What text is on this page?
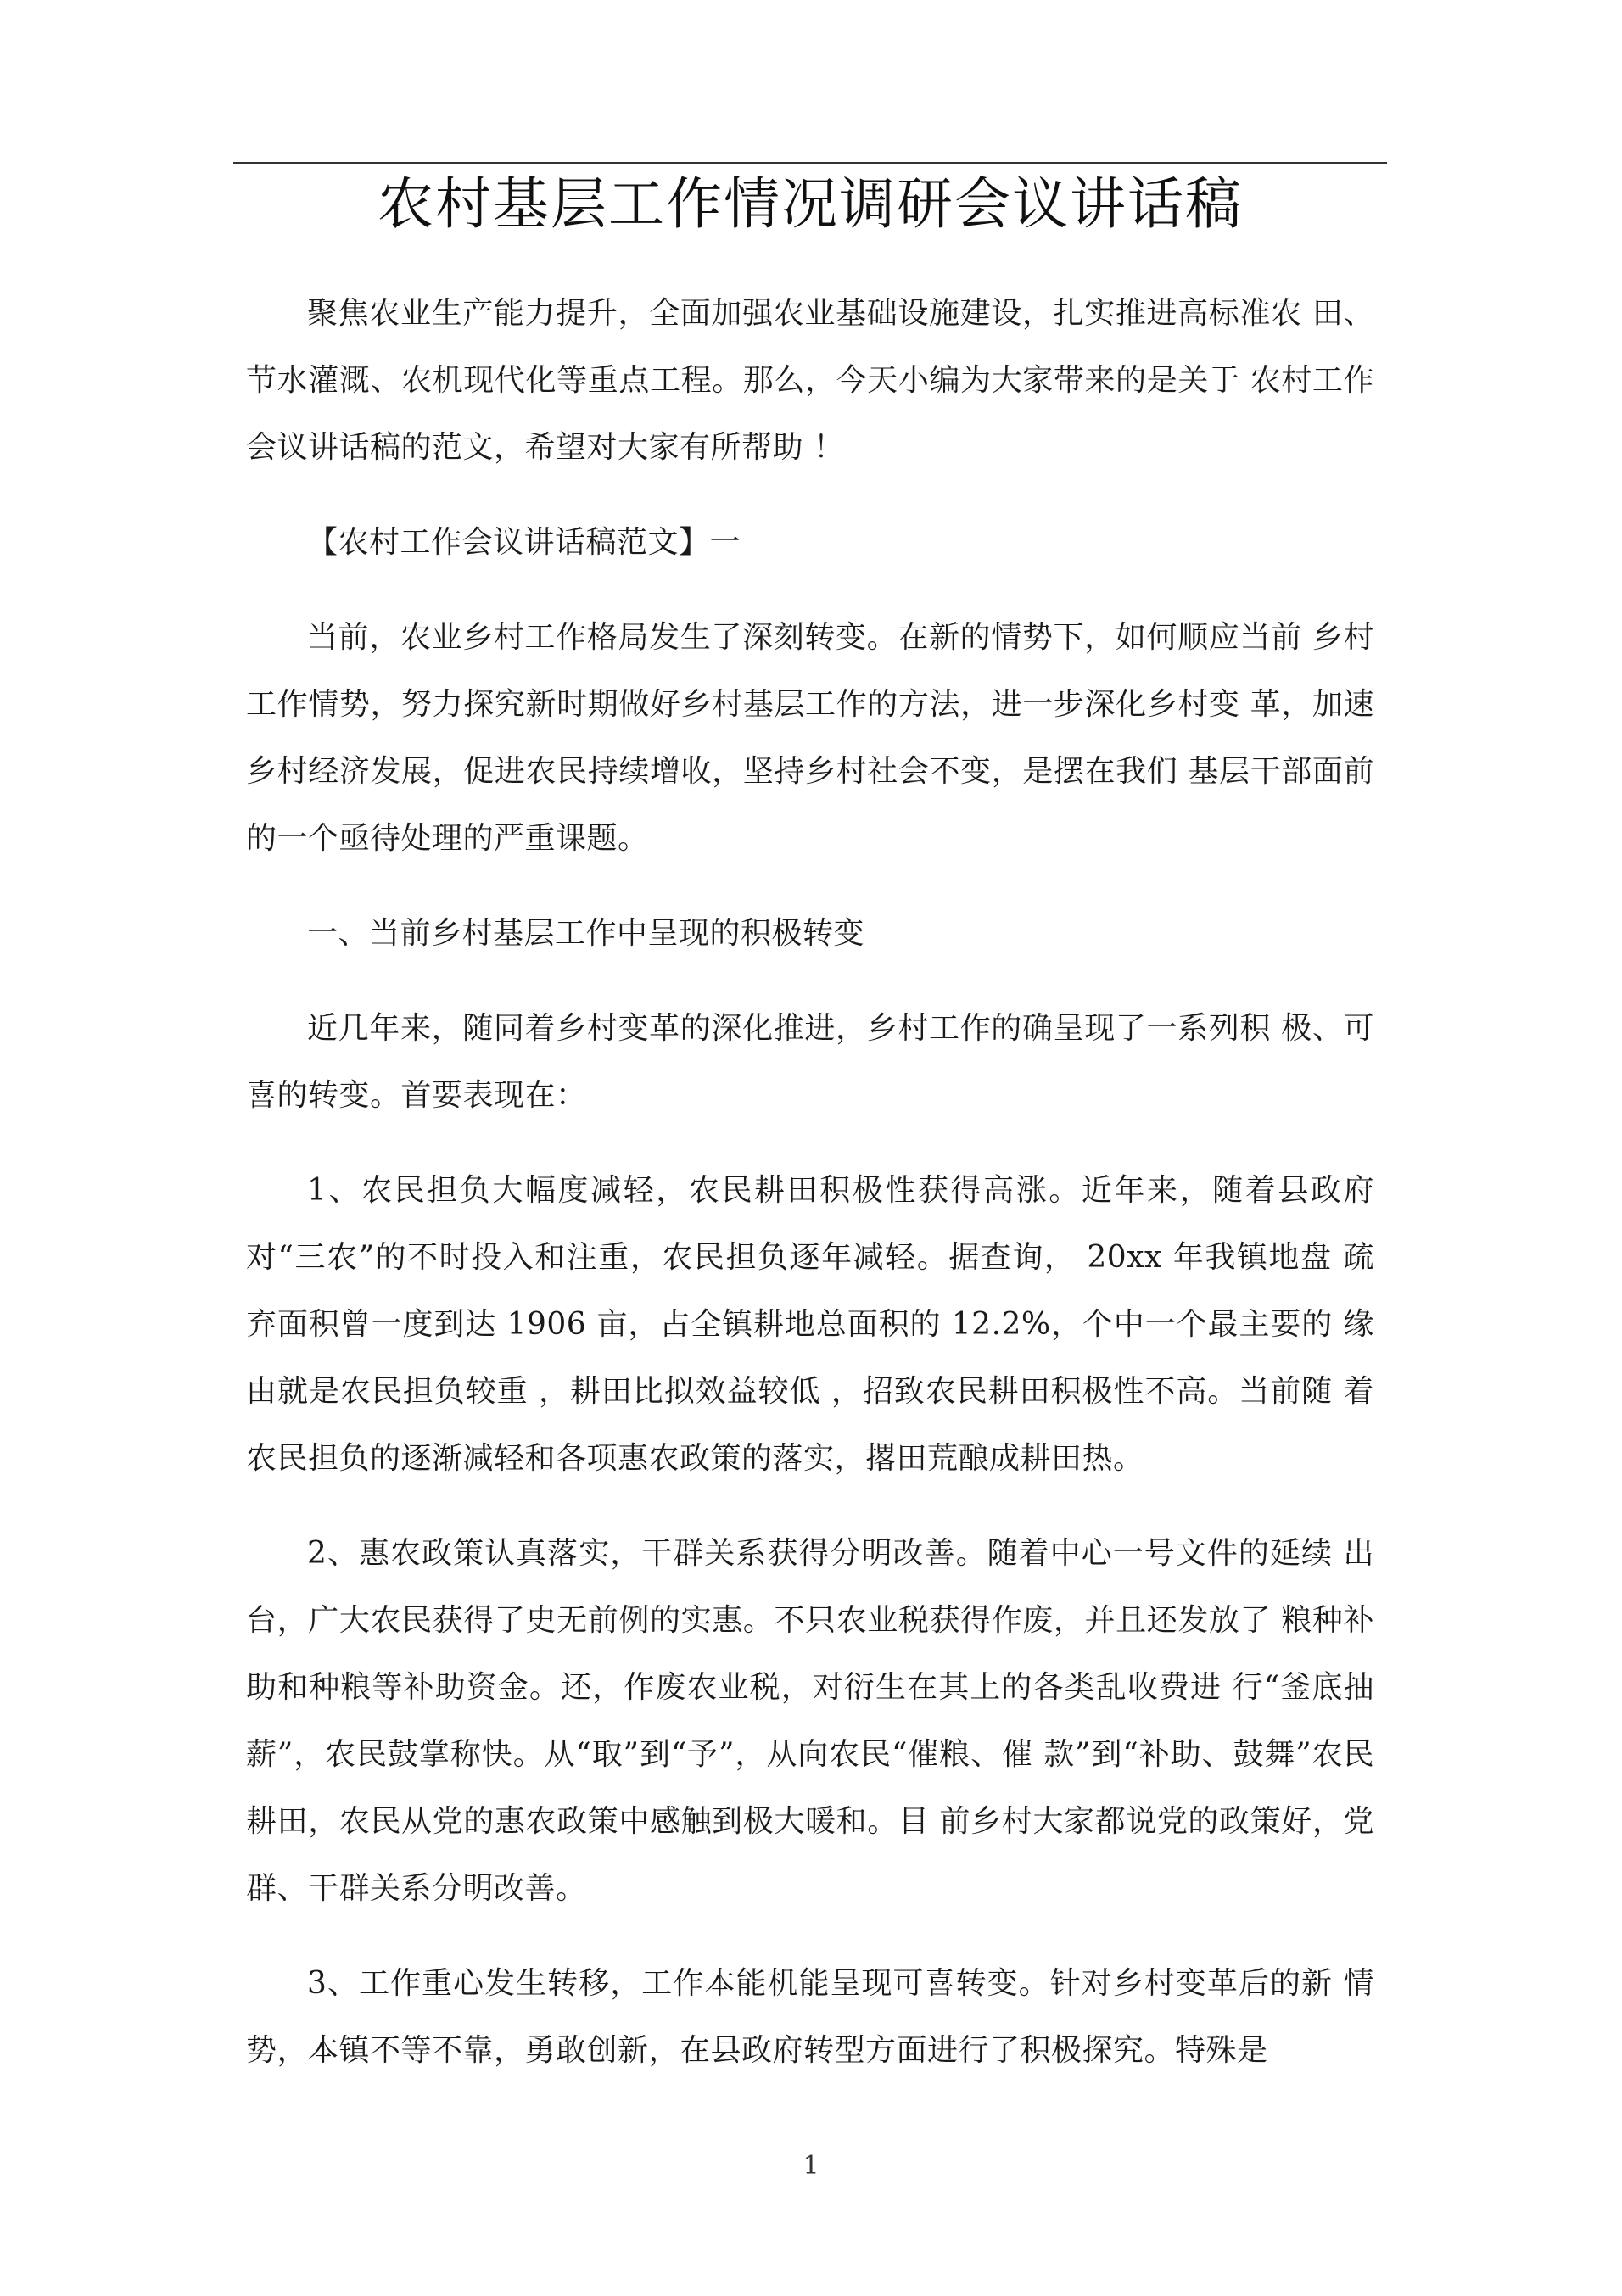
农村基层工作情况调研会议讲话稿

聚焦农业生产能力提升，全面加强农业基础设施建设，扎实推进高标准农 田、节水灌溉、农机现代化等重点工程。那么，今天小编为大家带来的是关于 农村工作会议讲话稿的范文，希望对大家有所帮助 ！

【农村工作会议讲话稿范文】一

当前，农业乡村工作格局发生了深刻转变。在新的情势下，如何顺应当前 乡村工作情势，努力探究新时期做好乡村基层工作的方法，进一步深化乡村变 革，加速乡村经济发展，促进农民持续增收，坚持乡村社会不变，是摆在我们 基层干部面前的一个亟待处理的严重课题。

一、当前乡村基层工作中呈现的积极转变

近几年来，随同着乡村变革的深化推进，乡村工作的确呈现了一系列积 极、可喜的转变。首要表现在：

1、农民担负大幅度减轻，农民耕田积极性获得高涨。近年来，随着县政府 对“三农”的不时投入和注重，农民担负逐年减轻。据查询， 20xx 年我镇地盘 疏弃面积曾一度到达 1906 亩，占全镇耕地总面积的 12.2%，个中一个最主要的 缘由就是农民担负较重 ，耕田比拟效益较低 ，招致农民耕田积极性不高。当前随 着农民担负的逐渐减轻和各项惠农政策的落实，撂田荒酿成耕田热。

2、惠农政策认真落实，干群关系获得分明改善。随着中心一号文件的延续 出台，广大农民获得了史无前例的实惠。不只农业税获得作废，并且还发放了 粮种补助和种粮等补助资金。还，作废农业税，对衍生在其上的各类乱收费进 行“釜底抽薪”，农民鼓掌称快。从“取”到“予”，从向农民“催粮、催 款”到“补助、鼓舞”农民耕田，农民从党的惠农政策中感触到极大暖和。目 前乡村大家都说党的政策好，党群、干群关系分明改善。

3、工作重心发生转移，工作本能机能呈现可喜转变。针对乡村变革后的新 情势，本镇不等不靠，勇敢创新，在县政府转型方面进行了积极探究。特殊是

1
